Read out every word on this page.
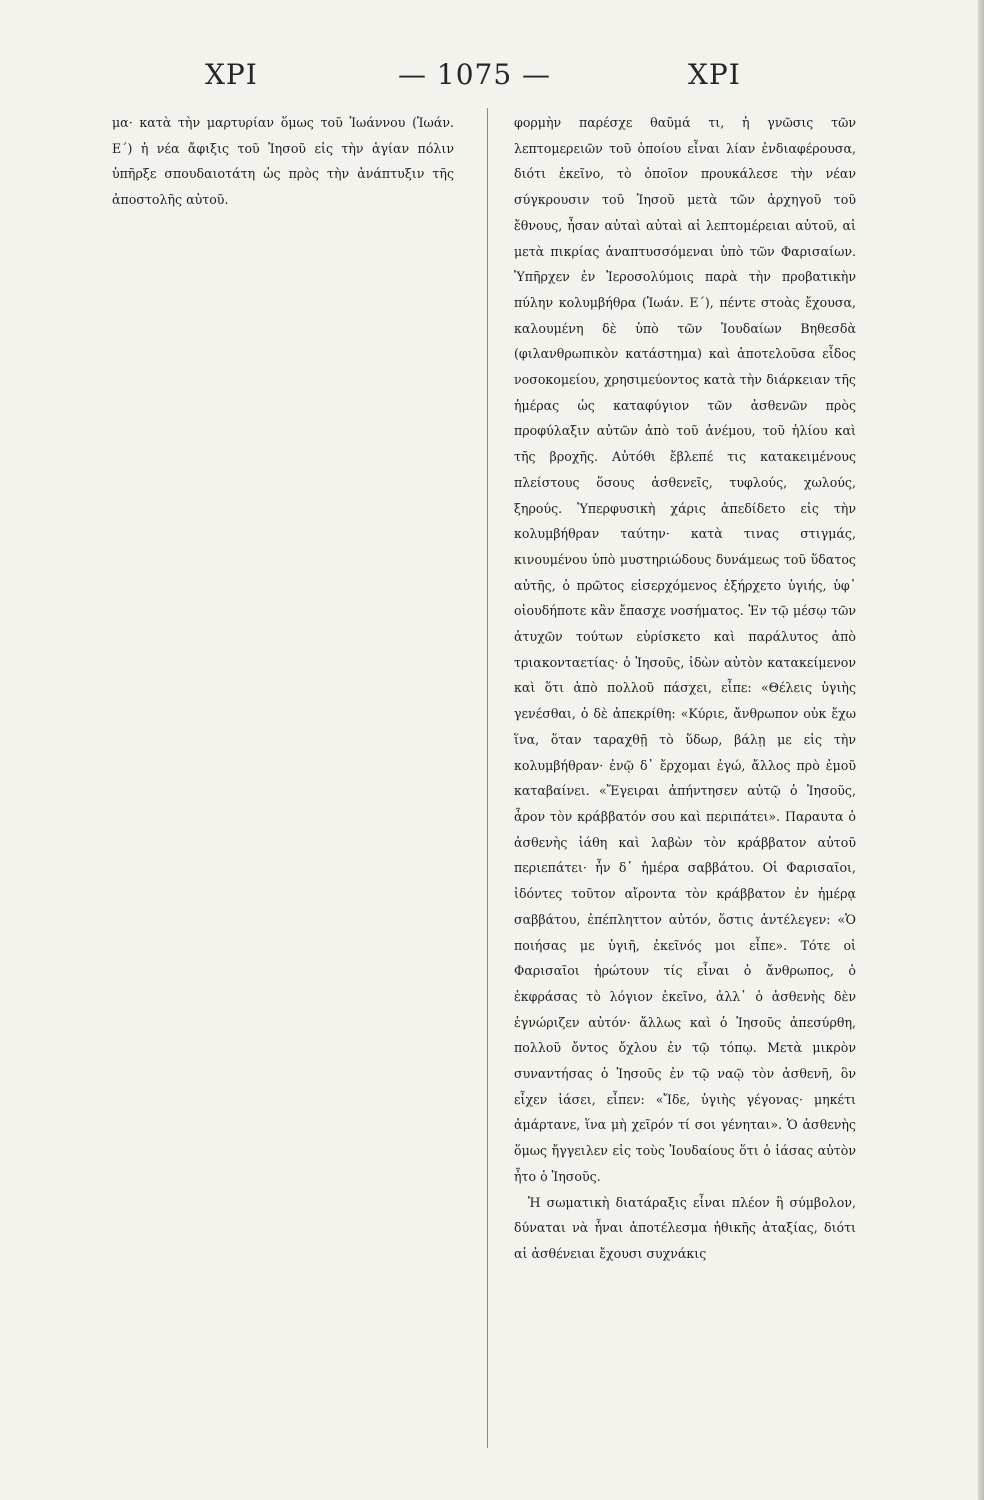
ΧΡΙ	— 1075 —	ΧΡΙ

μα· κατὰ τὴν μαρτυρίαν ὅμως τοῦ Ἰωάννου (Ἰωάν. Ε΄) ἡ νέα ἄφιξις τοῦ Ἰησοῦ εἰς τὴν ἁγίαν πόλιν ὑπῆρξε σπουδαιοτάτη ὡς πρὸς τὴν ἀνάπτυξιν τῆς ἀποστολῆς αὐτοῦ.

φορμὴν παρέσχε θαῦμά τι, ἡ γνῶσις τῶν λεπτομερειῶν τοῦ ὁποίου εἶναι λίαν ἐνδιαφέρουσα, διότι ἐκεῖνο, τὸ ὁποῖον προυκάλεσε τὴν νέαν σύγκρουσιν τοῦ Ἰησοῦ μετὰ τῶν ἀρχηγοῦ τοῦ ἔθνους, ἦσαν αὐταὶ αὐταὶ αἱ λεπτομέρειαι αὐτοῦ, αἱ μετὰ πικρίας ἀναπτυσσόμεναι ὑπὸ τῶν Φαρισαίων. Ὑπῆρχεν ἐν Ἱεροσολύμοις παρὰ τὴν προβατικὴν πύλην κολυμβήθρα (Ἰωάν. Ε΄), πέντε στοὰς ἔχουσα, καλουμένη δὲ ὑπὸ τῶν Ἰουδαίων Βηθεσδὰ (φιλανθρωπικὸν κατάστημα) καὶ ἀποτελοῦσα εἶδος νοσοκομείου, χρησιμεύοντος κατὰ τὴν διάρκειαν τῆς ἡμέρας ὡς καταφύγιον τῶν ἀσθενῶν πρὸς προφύλαξιν αὐτῶν ἀπὸ τοῦ ἀνέμου, τοῦ ἡλίου καὶ τῆς βροχῆς. Αὐτόθι ἔβλεπέ τις κατακειμένους πλείστους ὅσους ἀσθενεῖς, τυφλούς, χωλούς, ξηρούς. Ὑπερφυσικὴ χάρις ἀπεδίδετο εἰς τὴν κολυμβήθραν ταύτην· κατὰ τινας στιγμάς, κινουμένου ὑπὸ μυστηριώδους δυνάμεως τοῦ ὕδατος αὐτῆς, ὁ πρῶτος εἰσερχόμενος ἐξήρχετο ὑγιής, ὑφ᾿ οἱουδήποτε κἂν ἔπασχε νοσήματος. Ἐν τῷ μέσῳ τῶν ἀτυχῶν τούτων εὑρίσκετο καὶ παράλυτος ἀπὸ τριακονταετίας· ὁ Ἰησοῦς, ἰδὼν αὐτὸν κατακείμενον καὶ ὅτι ἀπὸ πολλοῦ πάσχει, εἶπε: «Θέλεις ὑγιὴς γενέσθαι, ὁ δὲ ἀπεκρίθη: «Κύριε, ἄνθρωπον οὐκ ἔχω ἵνα, ὅταν ταραχθῇ τὸ ὕδωρ, βάλῃ με εἰς τὴν κολυμβήθραν· ἐνῷ δ᾿ ἔρχομαι ἐγώ, ἄλλος πρὸ ἐμοῦ καταβαίνει. «Ἔγειραι ἀπήντησεν αὐτῷ ὁ Ἰησοῦς, ἆρον τὸν κράββατόν σου καὶ περιπάτει». Παραυτα ὁ ἀσθενὴς ἰάθη καὶ λαβὼν τὸν κράββατον αὐτοῦ περιεπάτει· ἦν δ᾿ ἡμέρα σαββάτου. Οἱ Φαρισαῖοι, ἰδόντες τοῦτον αἴροντα τὸν κράββατον ἐν ἡμέρᾳ σαββάτου, ἐπέπληττον αὐτόν, ὅστις ἀντέλεγεν: «Ὁ ποιήσας με ὑγιῆ, ἐκεῖνός μοι εἶπε». Τότε οἱ Φαρισαῖοι ἠρώτουν τίς εἶναι ὁ ἄνθρωπος, ὁ ἐκφράσας τὸ λόγιον ἐκεῖνο, ἀλλ᾿ ὁ ἀσθενὴς δὲν ἐγνώριζεν αὐτόν· ἄλλως καὶ ὁ Ἰησοῦς ἀπεσύρθη, πολλοῦ ὄντος ὄχλου ἐν τῷ τόπῳ. Μετὰ μικρὸν συναντήσας ὁ Ἰησοῦς ἐν τῷ ναῷ τὸν ἀσθενῆ, ὃν εἶχεν ἰάσει, εἶπεν: «Ἴδε, ὑγιὴς γέγονας· μηκέτι ἁμάρτανε, ἵνα μὴ χεῖρόν τί σοι γένηται». Ὁ ἀσθενὴς ὅμως ἤγγειλεν εἰς τοὺς Ἰουδαίους ὅτι ὁ ἰάσας αὐτὸν ἦτο ὁ Ἰησοῦς.

Ἡ σωματικὴ διατάραξις εἶναι πλέον ἢ σύμβολον, δύναται νὰ ἦναι ἀποτέλεσμα ἠθικῆς ἀταξίας, διότι αἱ ἀσθένειαι ἔχουσι συχνάκις
